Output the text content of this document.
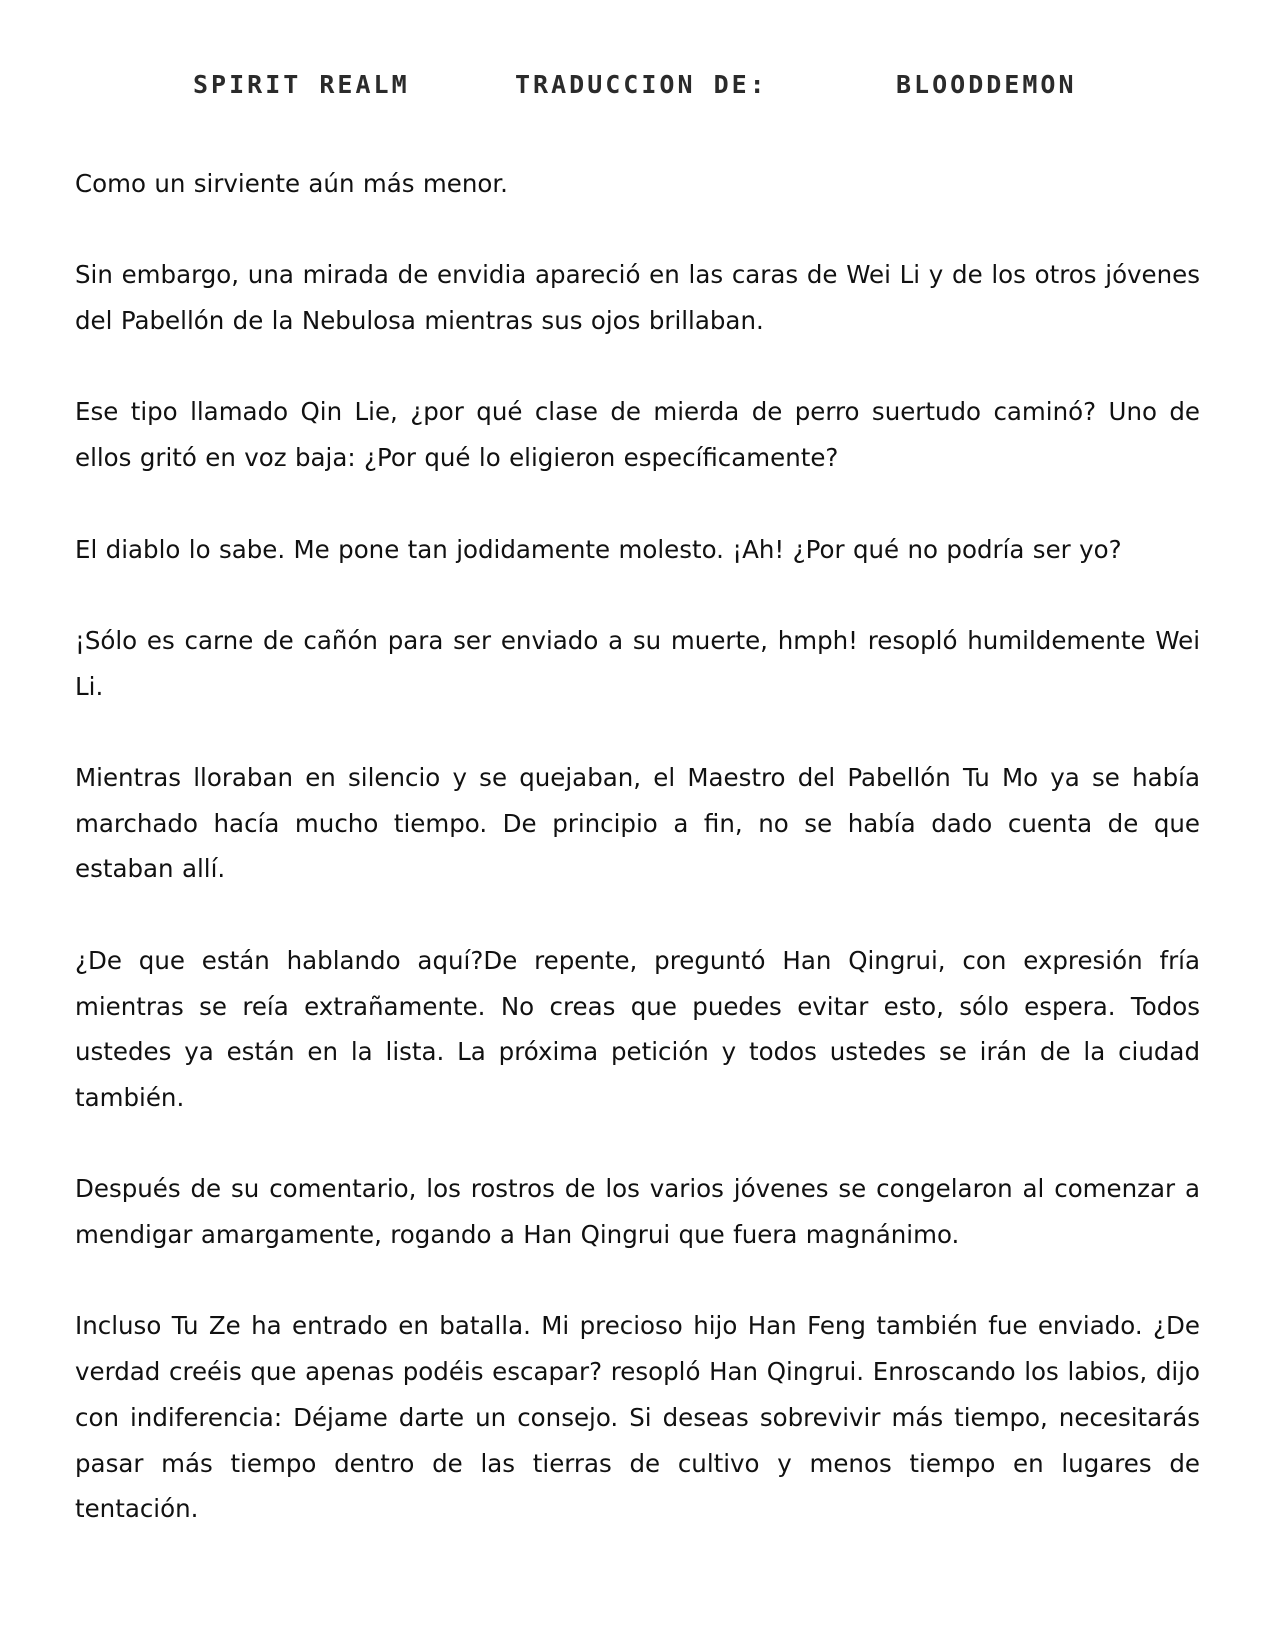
SPIRIT REALM	TRADUCCION DE:	BLOODDEMON

Como un sirviente aún más menor.

Sin embargo, una mirada de envidia apareció en las caras de Wei Li y de los otros jóvenes del Pabellón de la Nebulosa mientras sus ojos brillaban.

Ese tipo llamado Qin Lie, ¿por qué clase de mierda de perro suertudo caminó? Uno de ellos gritó en voz baja: ¿Por qué lo eligieron específicamente?

El diablo lo sabe. Me pone tan jodidamente molesto. ¡Ah! ¿Por qué no podría ser yo?

¡Sólo es carne de cañón para ser enviado a su muerte, hmph! resopló humildemente Wei Li.

Mientras lloraban en silencio y se quejaban, el Maestro del Pabellón Tu Mo ya se había marchado hacía mucho tiempo. De principio a fin, no se había dado cuenta de que estaban allí.

¿De que están hablando aquí?De repente, preguntó Han Qingrui, con expresión fría mientras se reía extrañamente. No creas que puedes evitar esto, sólo espera. Todos ustedes ya están en la lista. La próxima petición y todos ustedes se irán de la ciudad también.

Después de su comentario, los rostros de los varios jóvenes se congelaron al comenzar a mendigar amargamente, rogando a Han Qingrui que fuera magnánimo.

Incluso Tu Ze ha entrado en batalla. Mi precioso hijo Han Feng también fue enviado. ¿De verdad creéis que apenas podéis escapar? resopló Han Qingrui. Enroscando los labios, dijo con indiferencia: Déjame darte un consejo. Si deseas sobrevivir más tiempo, necesitarás pasar más tiempo dentro de las tierras de cultivo y menos tiempo en lugares de tentación.
